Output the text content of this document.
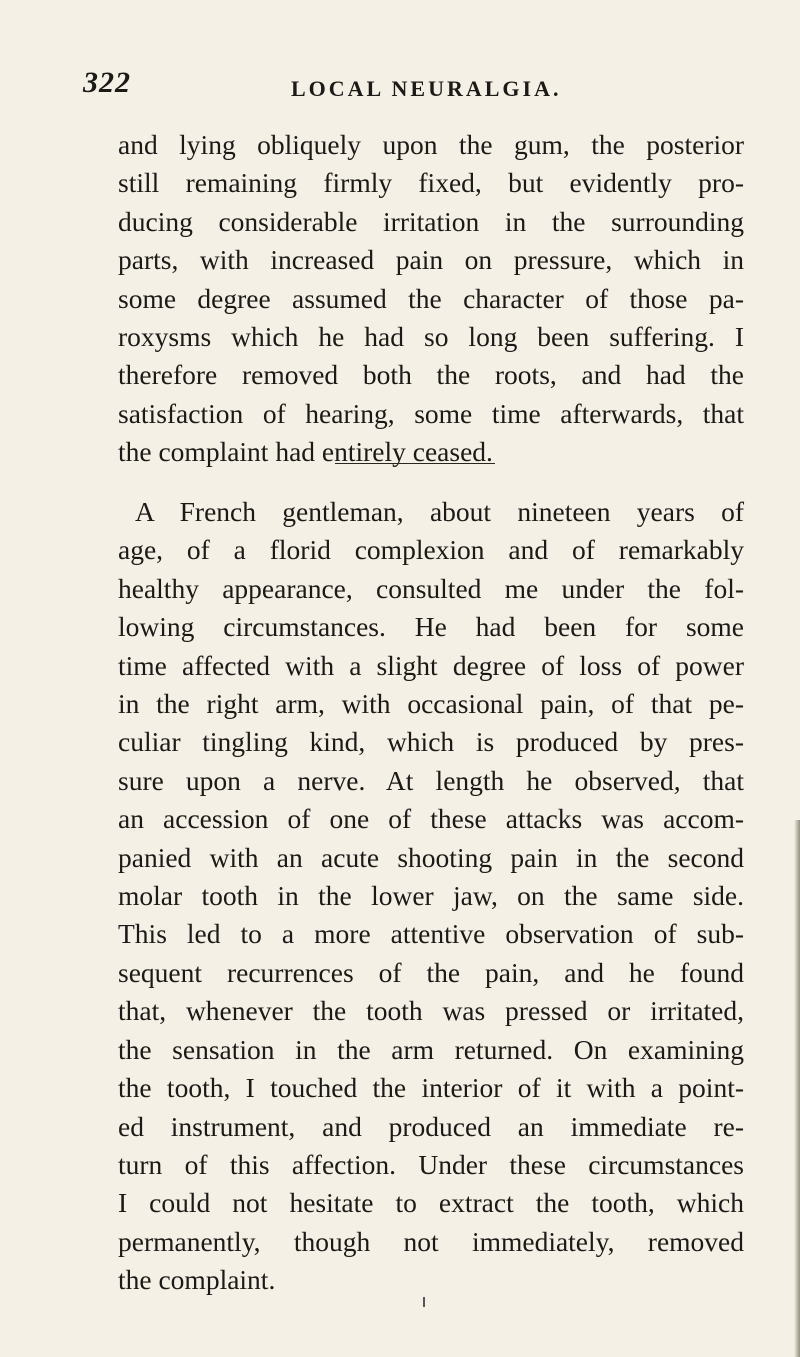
322	LOCAL NEURALGIA.
and lying obliquely upon the gum, the posterior
still remaining firmly fixed, but evidently pro-
ducing considerable irritation in the surrounding
parts, with increased pain on pressure, which in
some degree assumed the character of those pa-
roxysms which he had so long been suffering. I
therefore removed both the roots, and had the
satisfaction of hearing, some time afterwards, that
the complaint had entirely ceased.
A French gentleman, about nineteen years of
age, of a florid complexion and of remarkably
healthy appearance, consulted me under the fol-
lowing circumstances. He had been for some
time affected with a slight degree of loss of power
in the right arm, with occasional pain, of that pe-
culiar tingling kind, which is produced by pres-
sure upon a nerve. At length he observed, that
an accession of one of these attacks was accom-
panied with an acute shooting pain in the second
molar tooth in the lower jaw, on the same side.
This led to a more attentive observation of sub-
sequent recurrences of the pain, and he found
that, whenever the tooth was pressed or irritated,
the sensation in the arm returned. On examining
the tooth, I touched the interior of it with a point-
ed instrument, and produced an immediate re-
turn of this affection. Under these circumstances
I could not hesitate to extract the tooth, which
permanently, though not immediately, removed
the complaint.
